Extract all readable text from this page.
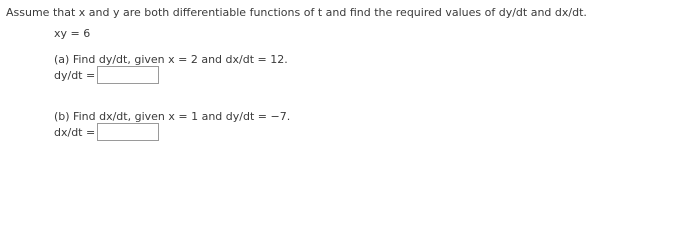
Assume that x and y are both differentiable functions of t and find the required values of dy/dt and dx/dt.
xy = 6
(a) Find dy/dt, given x = 2 and dx/dt = 12.
dy/dt =
(b) Find dx/dt, given x = 1 and dy/dt = −7.
dx/dt =
